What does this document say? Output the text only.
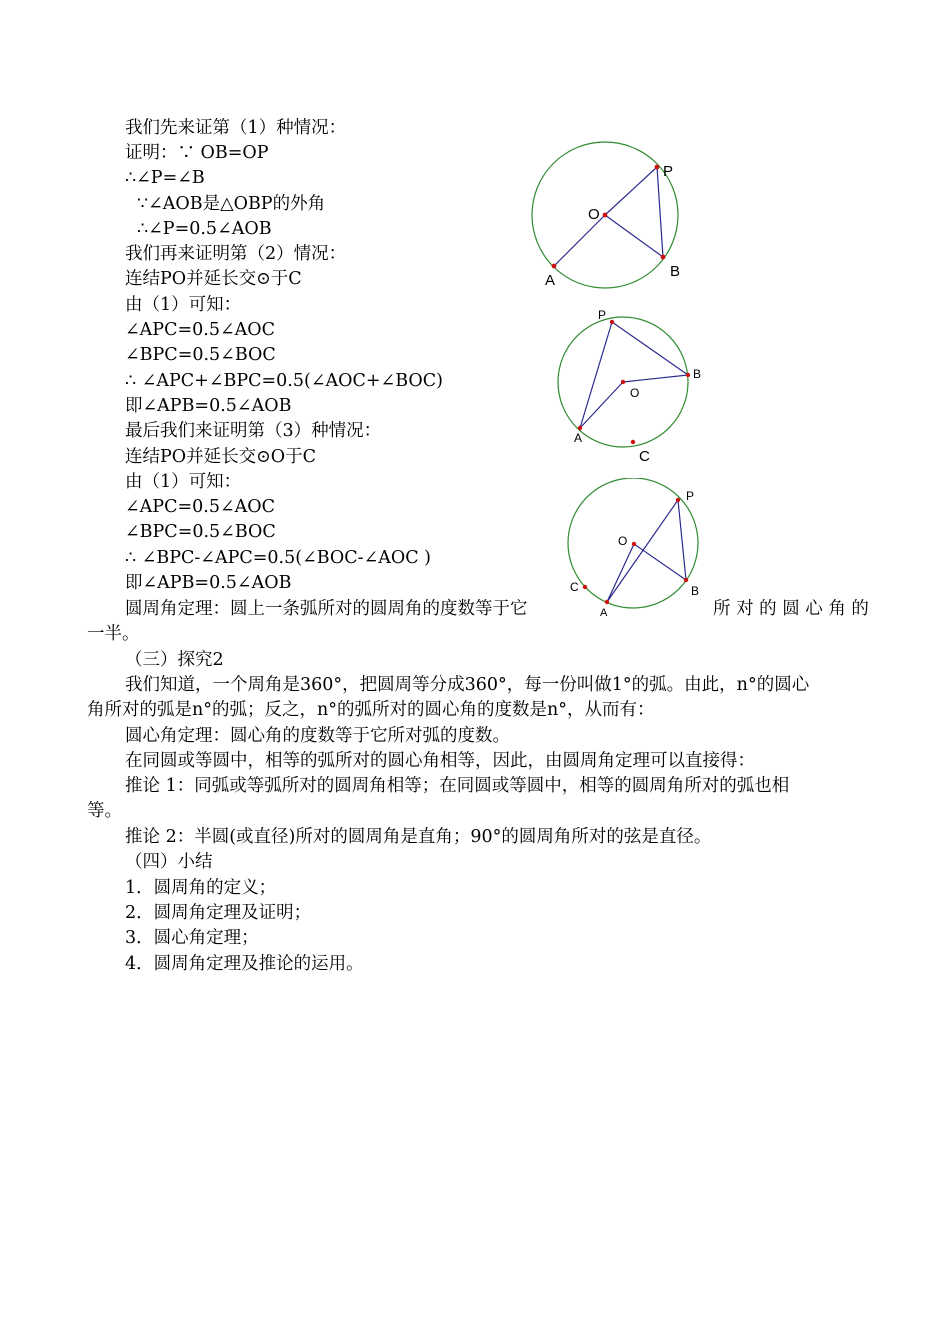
我们先来证第（1）种情况：
证明：∵ OB=OP
∴∠P=∠B
∵∠AOB是△OBP的外角
∴∠P=0.5∠AOB
我们再来证明第（2）情况：
连结PO并延长交⊙于C
由（1）可知：
∠APC=0.5∠AOC
∠BPC=0.5∠BOC
∴ ∠APC+∠BPC=0.5(∠AOC+∠BOC)
即∠APB=0.5∠AOB
最后我们来证明第（3）种情况：
连结PO并延长交⊙O于C
由（1）可知：
∠APC=0.5∠AOC
∠BPC=0.5∠BOC
∴ ∠BPC-∠APC=0.5(∠BOC-∠AOC )
即∠APB=0.5∠AOB
圆周角定理：圆上一条弧所对的圆周角的度数等于它	所 对 的 圆 心 角 的
一半。
（三）探究2
我们知道，一个周角是360°，把圆周等分成360°，每一份叫做1°的弧。由此，n°的圆心
角所对的弧是n°的弧；反之，n°的弧所对的圆心角的度数是n°，从而有：
圆心角定理：圆心角的度数等于它所对弧的度数。
在同圆或等圆中，相等的弧所对的圆心角相等，因此，由圆周角定理可以直接得：
推论 1：同弧或等弧所对的圆周角相等；在同圆或等圆中，相等的圆周角所对的弧也相
等。
推论 2：半圆(或直径)所对的圆周角是直角；90°的圆周角所对的弦是直径。
（四）小结
1．圆周角的定义；
2．圆周角定理及证明；
3．圆心角定理；
4．圆周角定理及推论的运用。
P
O
A
B
P
O
A
B
C
P
O
A
B
C
